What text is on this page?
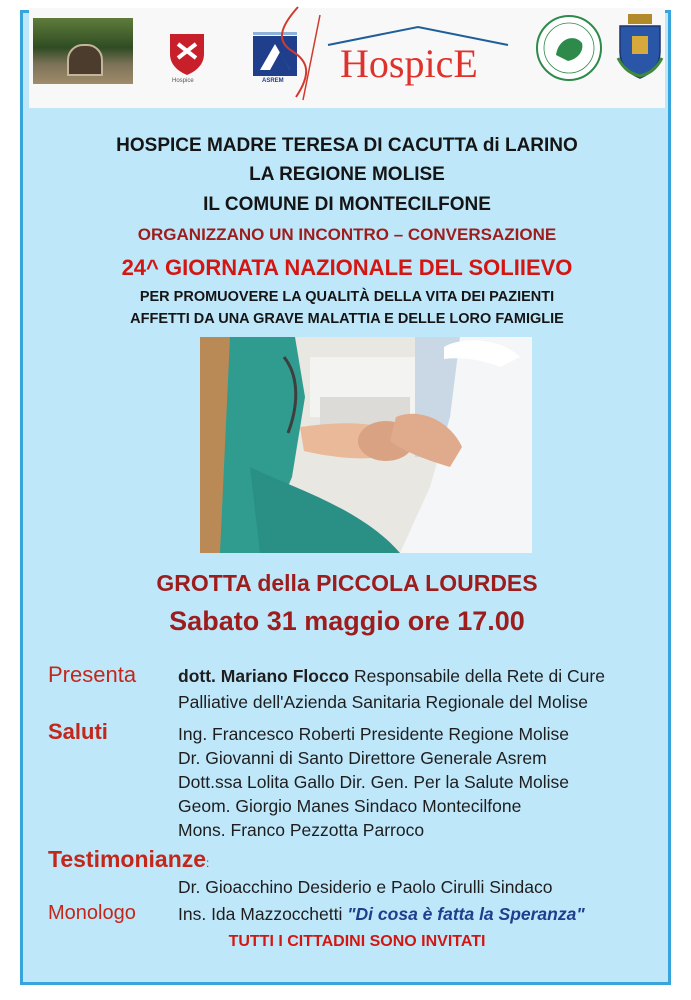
Hospice	ASREM HospicE
HOSPICE MADRE TERESA DI CACUTTA di LARINO
LA REGIONE MOLISE
IL COMUNE DI MONTECILFONE
ORGANIZZANO UN INCONTRO – CONVERSAZIONE
24^ GIORNATA NAZIONALE DEL SOLIIEVO
PER PROMUOVERE LA QUALITÀ DELLA VITA DEI PAZIENTI
AFFETTI DA UNA GRAVE MALATTIA E DELLE LORO FAMIGLIE
GROTTA della PICCOLA LOURDES
Sabato 31 maggio ore 17.00
Presenta dott. Mariano Flocco Responsabile della Rete di Cure
Palliative dell'Azienda Sanitaria Regionale del Molise
Saluti	Ing. Francesco Roberti Presidente Regione Molise
Dr. Giovanni di Santo Direttore Generale Asrem
Dott.ssa Lolita Gallo Dir. Gen. Per la Salute Molise
Geom. Giorgio Manes Sindaco Montecilfone
Mons. Franco Pezzotta Parroco
Testimonianze:
Dr. Gioacchino Desiderio e Paolo Cirulli Sindaco
Monologo Ins. Ida Mazzocchetti "Di cosa è fatta la Speranza"
TUTTI I CITTADINI SONO INVITATI
